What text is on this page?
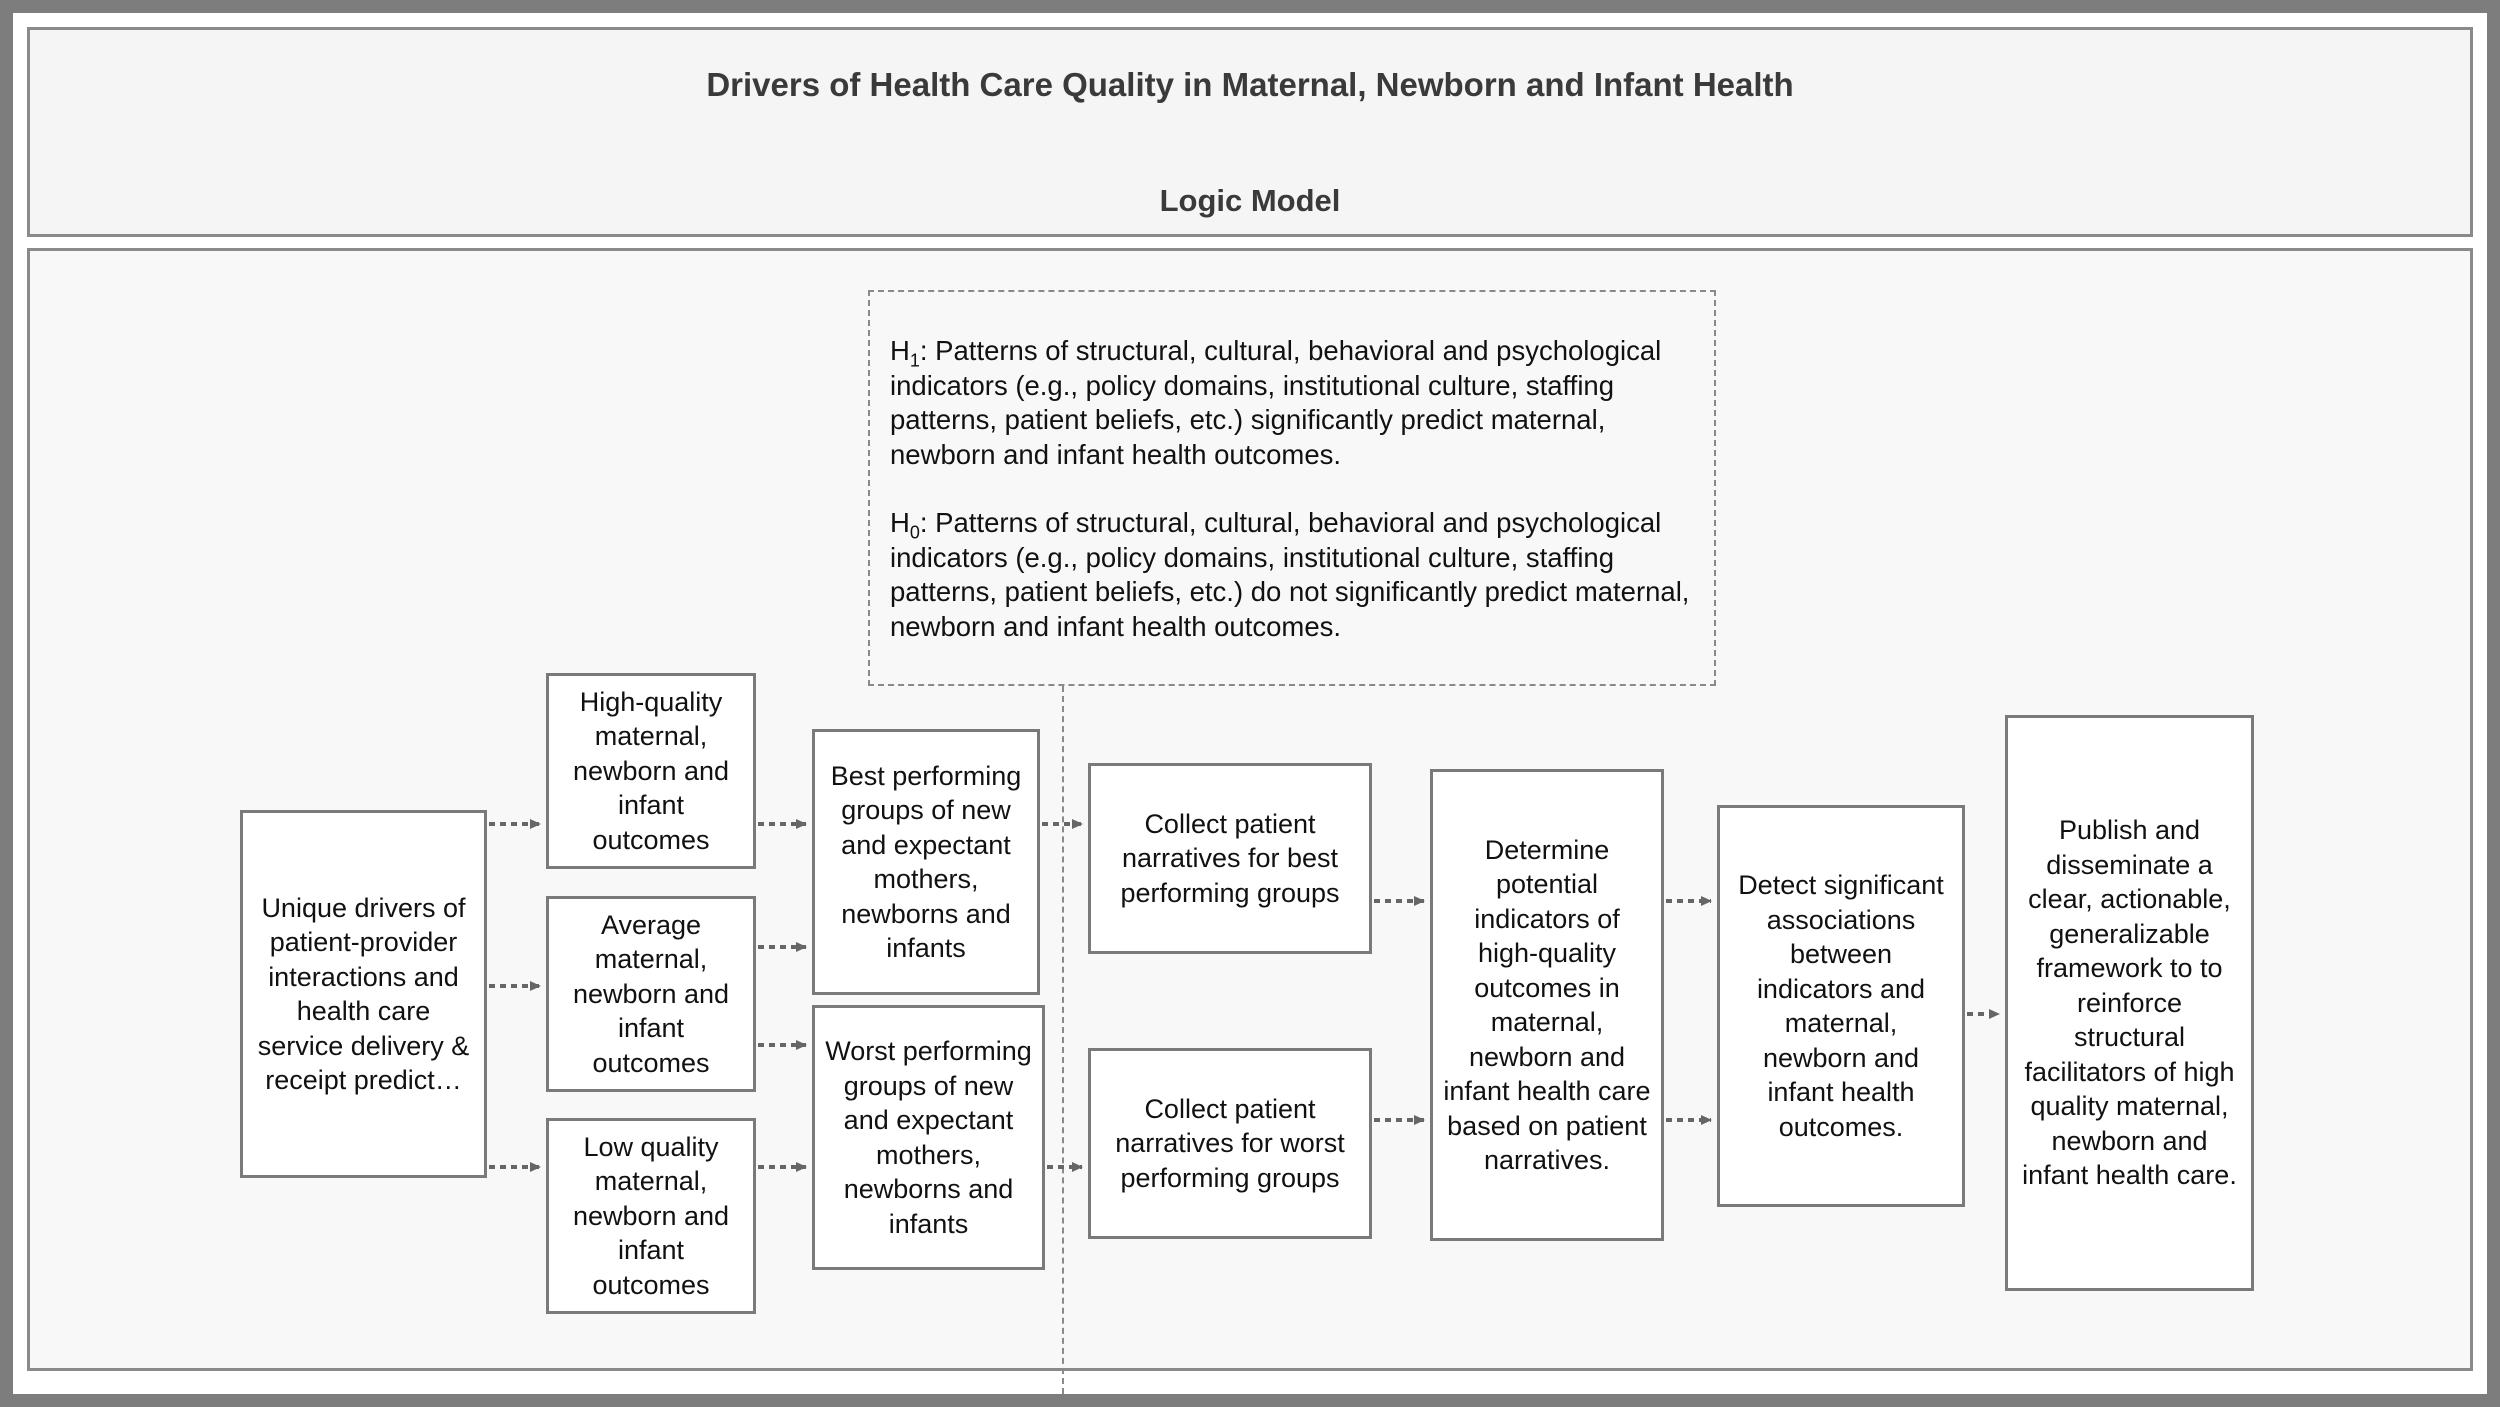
Drivers of Health Care Quality in Maternal, Newborn and Infant Health
Logic Model

$H_1$: Patterns of structural, cultural, behavioral and psychological indicators (e.g., policy domains, institutional culture, staffing patterns, patient beliefs, etc.) significantly predict maternal, newborn and infant health outcomes.

$H_0$: Patterns of structural, cultural, behavioral and psychological indicators (e.g., policy domains, institutional culture, staffing patterns, patient beliefs, etc.) do not significantly predict maternal, newborn and infant health outcomes.

Unique drivers of patient-provider interactions and health care service delivery & receipt predict…
High-quality maternal, newborn and infant outcomes
Average maternal, newborn and infant outcomes
Low quality maternal, newborn and infant outcomes
Best performing groups of new and expectant mothers, newborns and infants
Worst performing groups of new and expectant mothers, newborns and infants
Collect patient narratives for best performing groups
Collect patient narratives for worst performing groups
Determine potential indicators of high-quality outcomes in maternal, newborn and infant health care based on patient narratives.
Detect significant associations between indicators and maternal, newborn and infant health outcomes.
Publish and disseminate a clear, actionable, generalizable framework to to reinforce structural facilitators of high quality maternal, newborn and infant health care.
